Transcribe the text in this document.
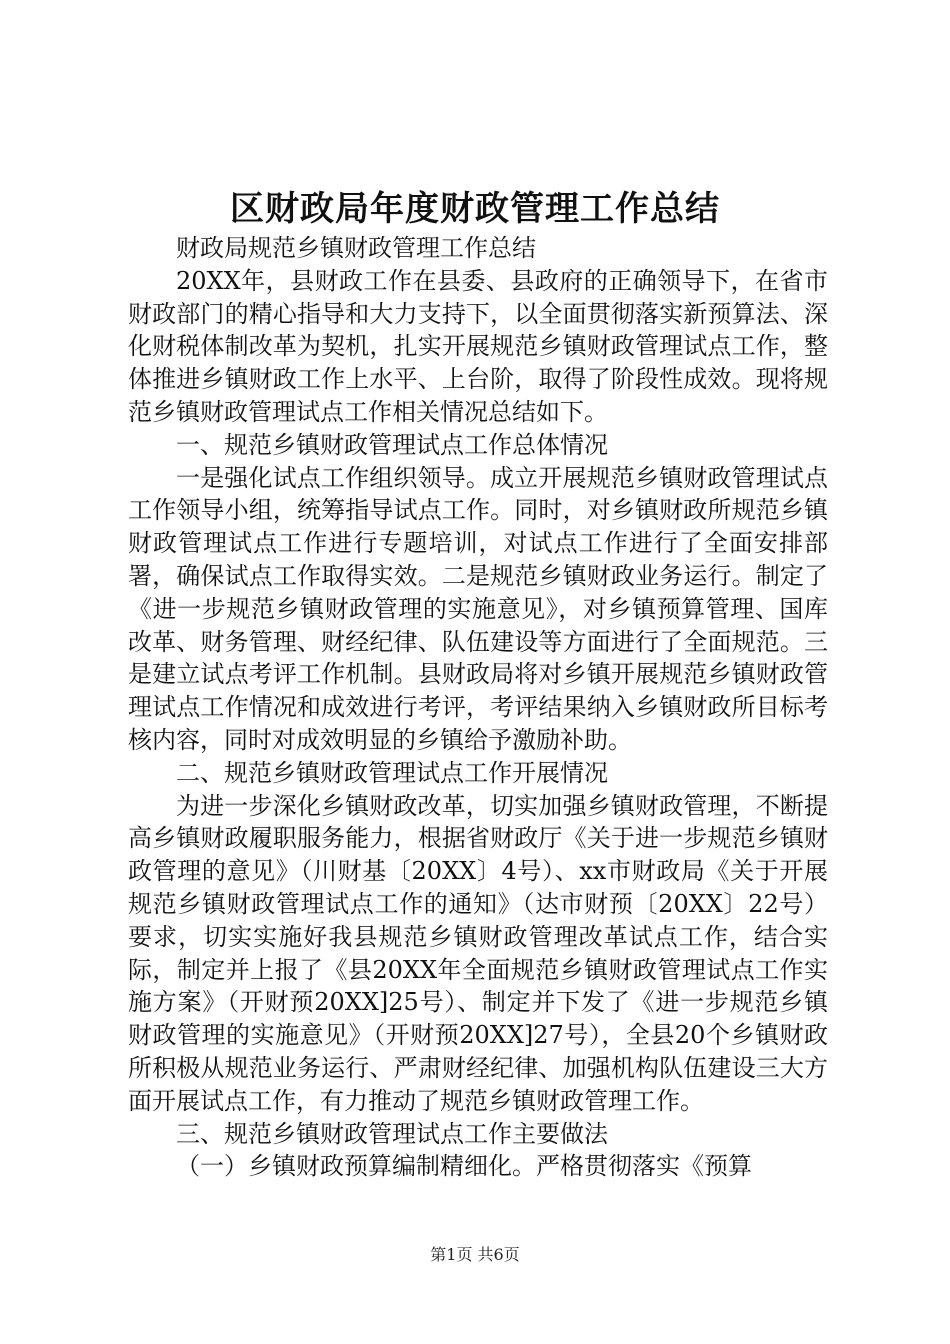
区财政局年度财政管理工作总结

财政局规范乡镇财政管理工作总结

20XX年，县财政工作在县委、县政府的正确领导下，在省市财政部门的精心指导和大力支持下，以全面贯彻落实新预算法、深化财税体制改革为契机，扎实开展规范乡镇财政管理试点工作，整体推进乡镇财政工作上水平、上台阶，取得了阶段性成效。现将规范乡镇财政管理试点工作相关情况总结如下。

一、规范乡镇财政管理试点工作总体情况

一是强化试点工作组织领导。成立开展规范乡镇财政管理试点工作领导小组，统筹指导试点工作。同时，对乡镇财政所规范乡镇财政管理试点工作进行专题培训，对试点工作进行了全面安排部署，确保试点工作取得实效。二是规范乡镇财政业务运行。制定了《进一步规范乡镇财政管理的实施意见》，对乡镇预算管理、国库改革、财务管理、财经纪律、队伍建设等方面进行了全面规范。三是建立试点考评工作机制。县财政局将对乡镇开展规范乡镇财政管理试点工作情况和成效进行考评，考评结果纳入乡镇财政所目标考核内容，同时对成效明显的乡镇给予激励补助。

二、规范乡镇财政管理试点工作开展情况

为进一步深化乡镇财政改革，切实加强乡镇财政管理，不断提高乡镇财政履职服务能力，根据省财政厅《关于进一步规范乡镇财政管理的意见》（川财基〔20XX〕4号）、xx市财政局《关于开展规范乡镇财政管理试点工作的通知》（达市财预〔20XX〕22号）要求，切实实施好我县规范乡镇财政管理改革试点工作，结合实际，制定并上报了《县20XX年全面规范乡镇财政管理试点工作实施方案》（开财预20XX]25号）、制定并下发了《进一步规范乡镇财政管理的实施意见》（开财预20XX]27号），全县20个乡镇财政所积极从规范业务运行、严肃财经纪律、加强机构队伍建设三大方面开展试点工作，有力推动了规范乡镇财政管理工作。

三、规范乡镇财政管理试点工作主要做法

（一）乡镇财政预算编制精细化。严格贯彻落实《预算

第1页 共6页
